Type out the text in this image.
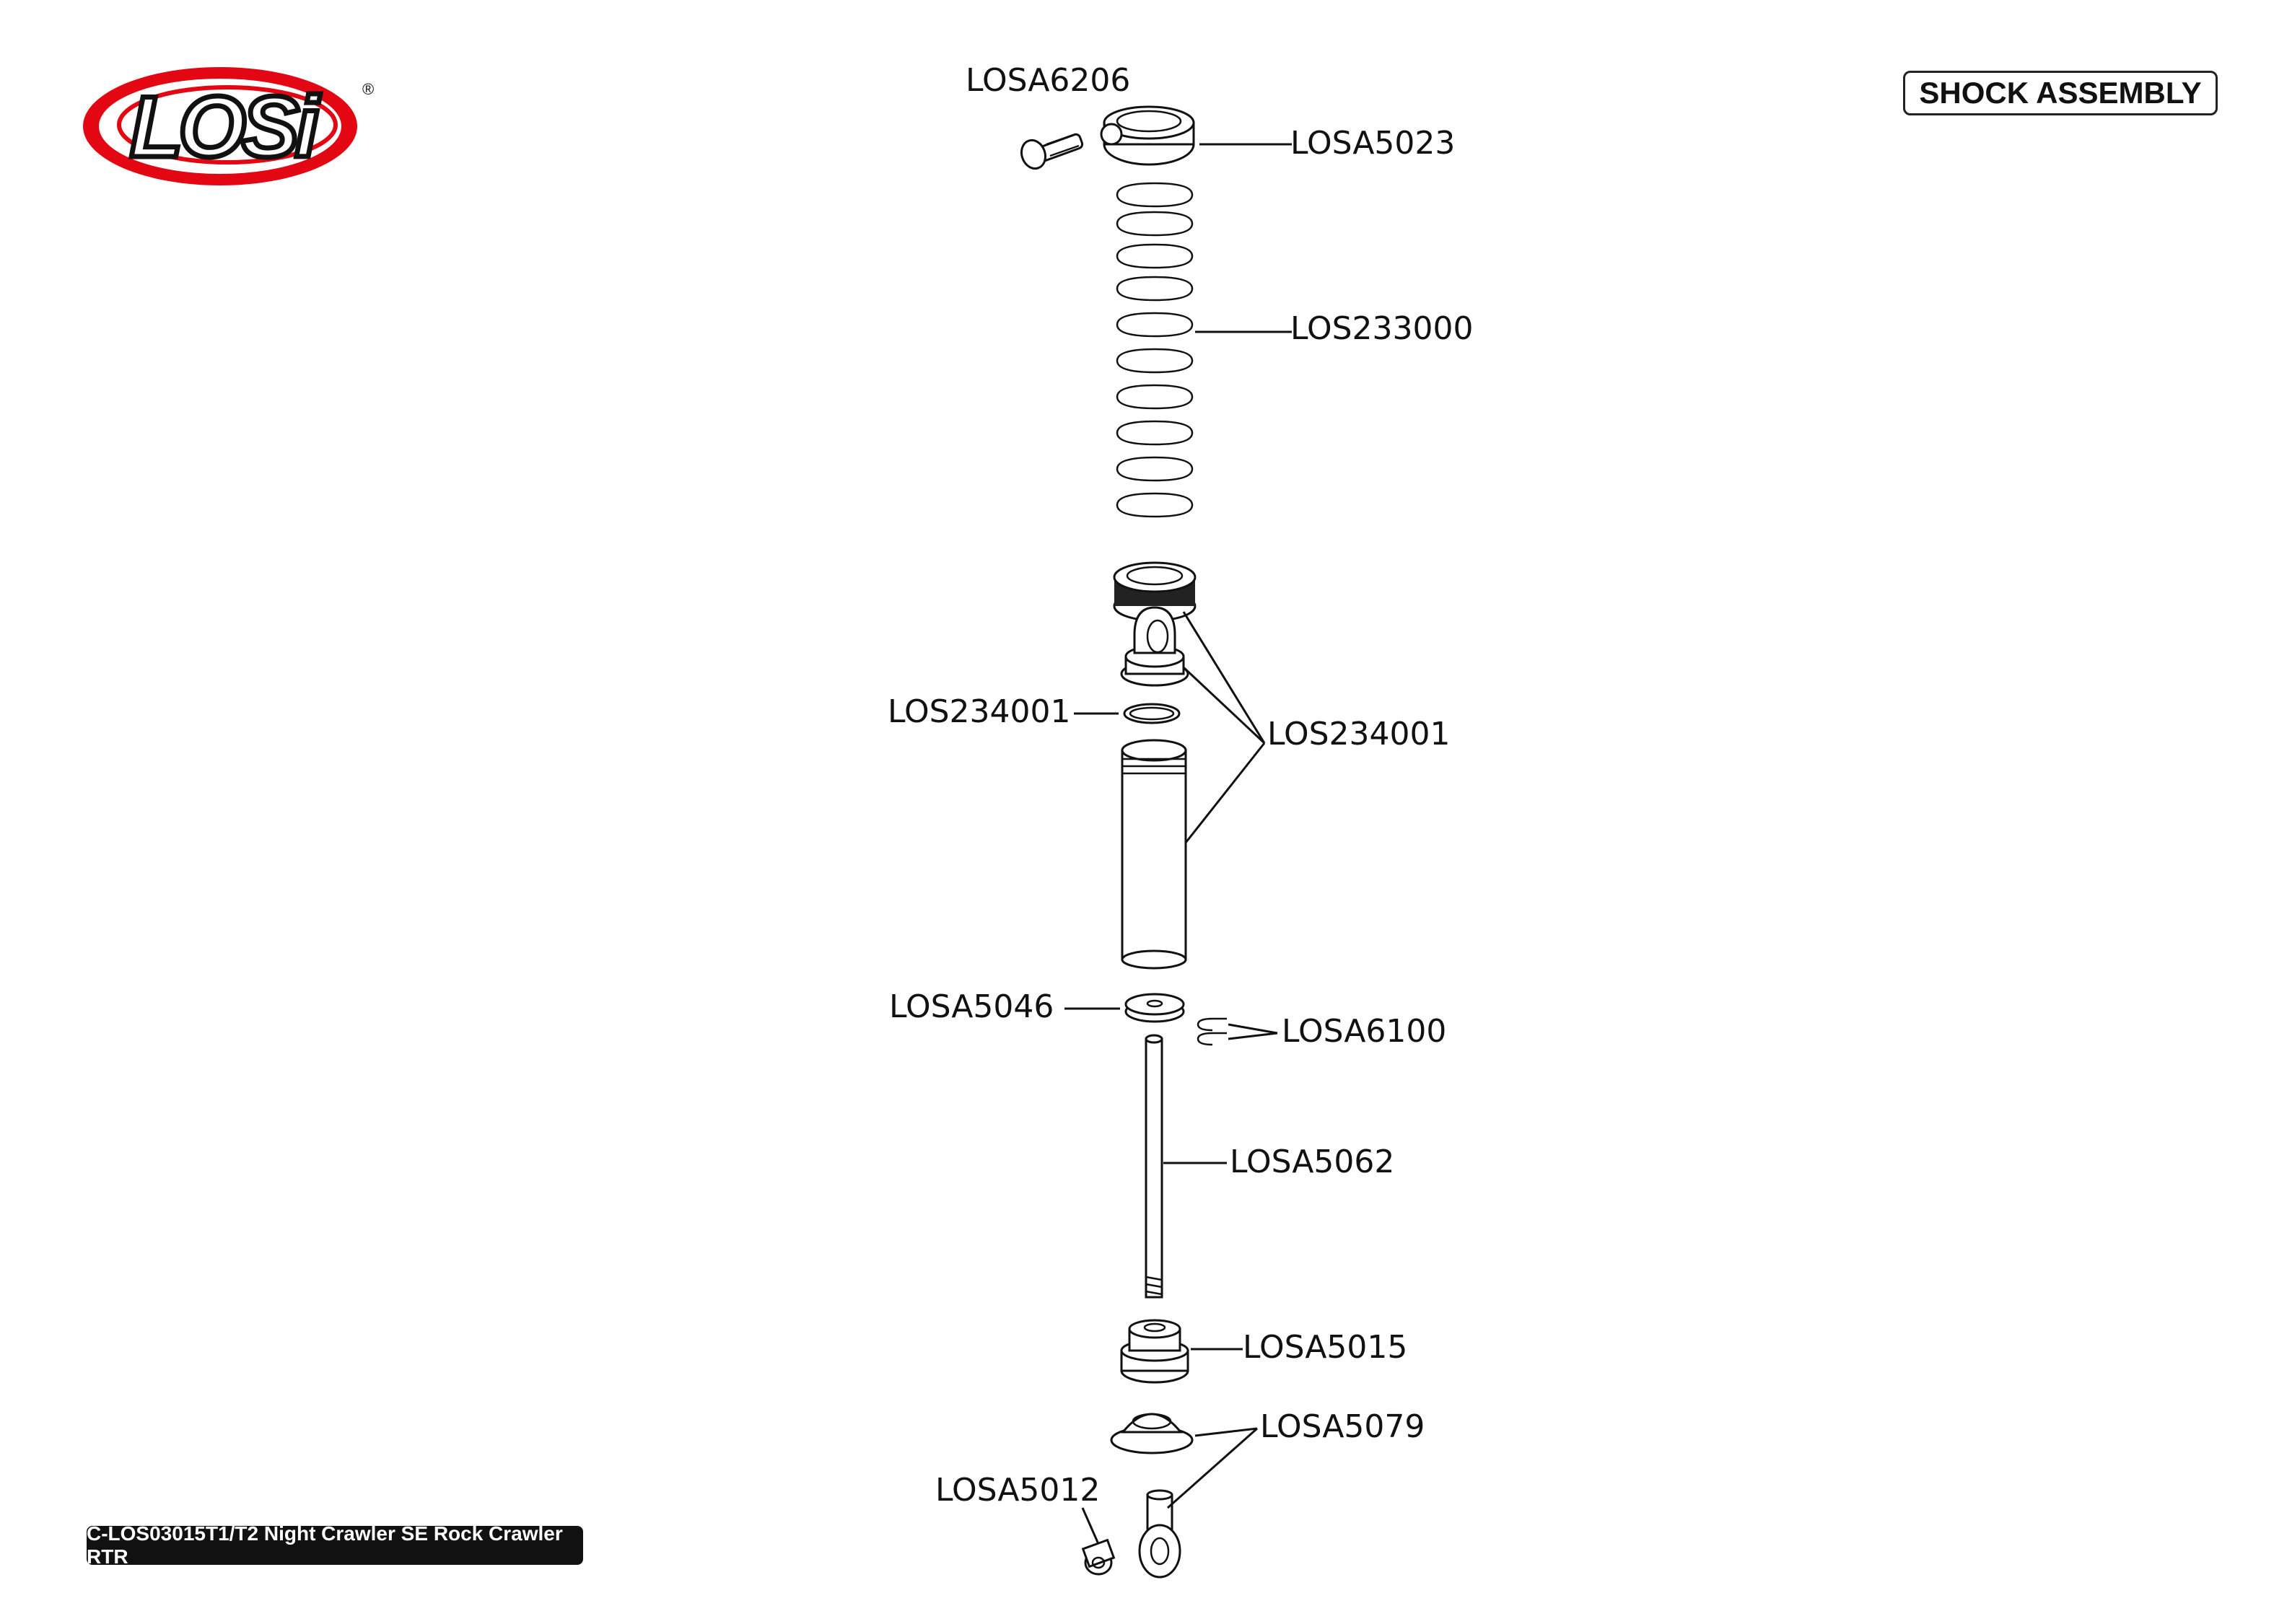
LOSi	®	SHOCK ASSEMBLY
C-LOS03015T1/T2 Night Crawler SE Rock Crawler RTR
LOSA6206
LOSA5023
LOS233000
LOS234001
LOS234001
LOSA5046
LOSA6100
LOSA5062
LOSA5015
LOSA5079
LOSA5012
